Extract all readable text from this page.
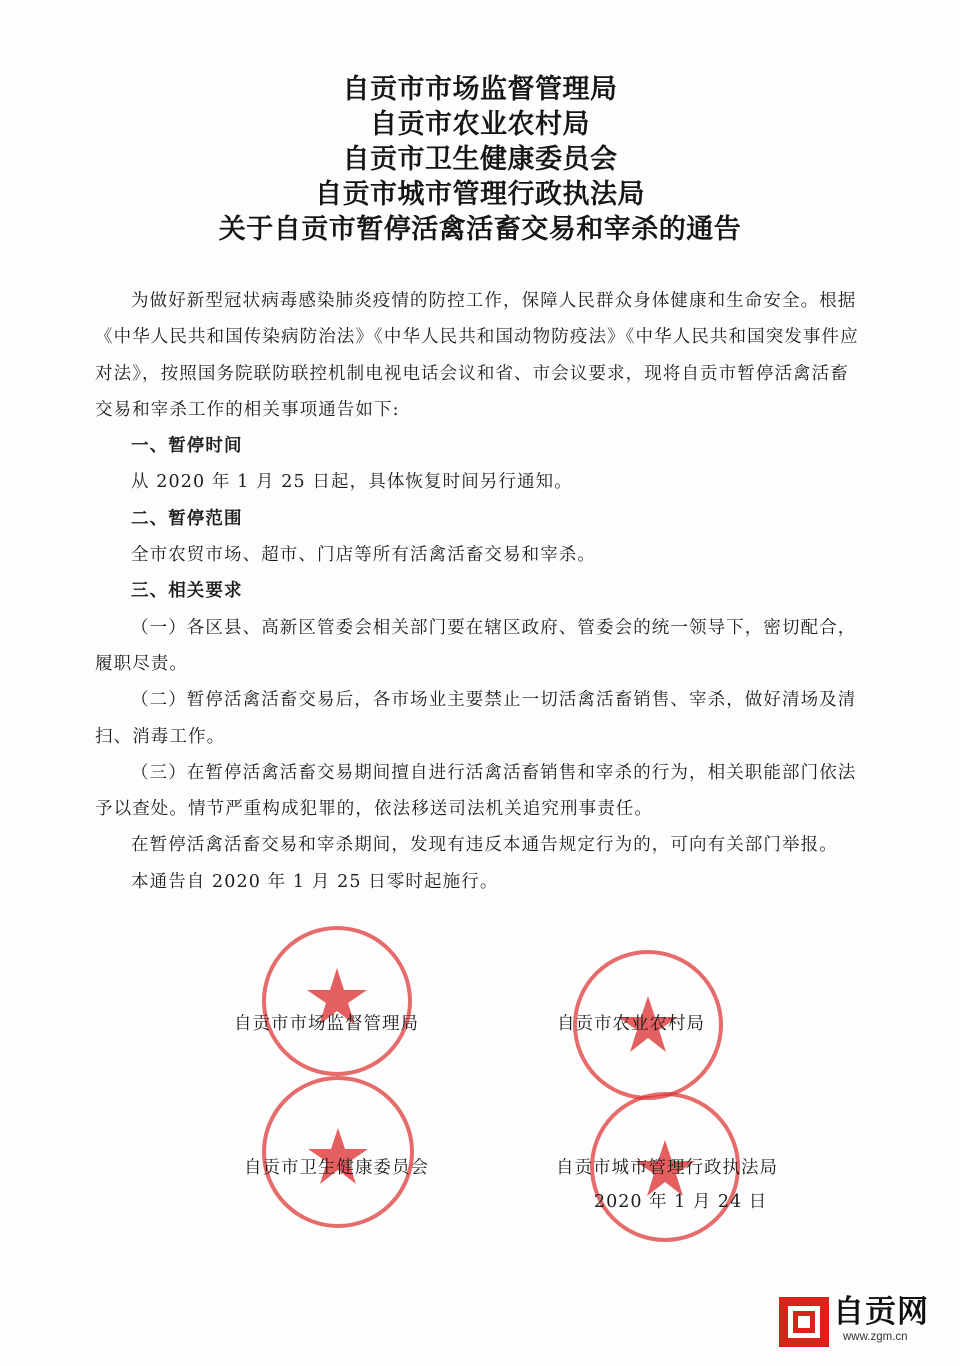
自贡市市场监督管理局
自贡市农业农村局
自贡市卫生健康委员会
自贡市城市管理行政执法局
关于自贡市暂停活禽活畜交易和宰杀的通告

为做好新型冠状病毒感染肺炎疫情的防控工作，保障人民群众身体健康和生命安全。根据《中华人民共和国传染病防治法》《中华人民共和国动物防疫法》《中华人民共和国突发事件应对法》，按照国务院联防联控机制电视电话会议和省、市会议要求，现将自贡市暂停活禽活畜交易和宰杀工作的相关事项通告如下:

一、暂停时间

从 2020 年 1 月 25 日起，具体恢复时间另行通知。

二、暂停范围

全市农贸市场、超市、门店等所有活禽活畜交易和宰杀。

三、相关要求

（一）各区县、高新区管委会相关部门要在辖区政府、管委会的统一领导下，密切配合，履职尽责。

（二）暂停活禽活畜交易后，各市场业主要禁止一切活禽活畜销售、宰杀，做好清场及清扫、消毒工作。

（三）在暂停活禽活畜交易期间擅自进行活禽活畜销售和宰杀的行为，相关职能部门依法予以查处。情节严重构成犯罪的，依法移送司法机关追究刑事责任。

在暂停活禽活畜交易和宰杀期间，发现有违反本通告规定行为的，可向有关部门举报。

本通告自 2020 年 1 月 25 日零时起施行。

自贡市市场监督管理局	自贡市农业农村局
自贡市卫生健康委员会	自贡市城市管理行政执法局
2020 年 1 月 24 日
自贡网
www.zgm.cn
